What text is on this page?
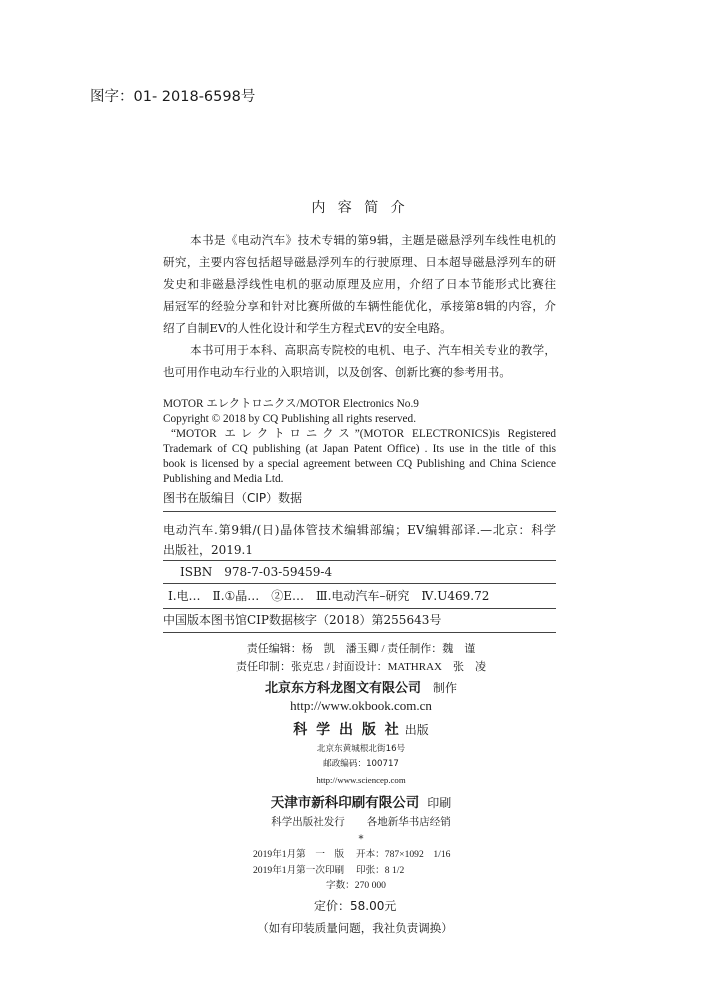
图字：01- 2018-6598号
内 容 简 介
本书是《电动汽车》技术专辑的第9辑，主题是磁悬浮列车线性电机的
研究，主要内容包括超导磁悬浮列车的行驶原理、日本超导磁悬浮列车的研
发史和非磁悬浮线性电机的驱动原理及应用，介绍了日本节能形式比赛往
届冠军的经验分享和针对比赛所做的车辆性能优化，承接第8辑的内容，介
绍了自制EV的人性化设计和学生方程式EV的安全电路。
本书可用于本科、高职高专院校的电机、电子、汽车相关专业的教学，
也可用作电动车行业的入职培训，以及创客、创新比赛的参考用书。
MOTOR エレクトロニクス/MOTOR Electronics No.9
Copyright © 2018 by CQ Publishing all rights reserved.
“MOTOR エレクトロニクス”(MOTOR ELECTRONICS)is Registered
Trademark of CQ publishing (at Japan Patent Office) . Its use in the title of this
book is licensed by a special agreement between CQ Publishing and China Science
Publishing and Media Ltd.
图书在版编目（CIP）数据
电动汽车.第9辑/(日)晶体管技术编辑部编；EV编辑部译.—北京：科学
出版社，2019.1
ISBN　978-7-03-59459-4
Ⅰ.电…　Ⅱ.①晶…　②E…　Ⅲ.电动汽车–研究　Ⅳ.U469.72
中国版本图书馆CIP数据核字（2018）第255643号
责任编辑：杨　凯　潘玉卿 / 责任制作：魏　谨
责任印制：张克忠 / 封面设计：MATHRAX　张　凌
北京东方科龙图文有限公司 制作
http://www.okbook.com.cn
科 学 出 版 社 出版
北京东黄城根北街16号
邮政编码：100717
http://www.sciencep.com
天津市新科印刷有限公司 印刷
科学出版社发行 各地新华书店经销
*
2019年1月第　一　版 开本：787×1092　1/16
2019年1月第一次印刷 印张：8 1/2
字数：270 000
定价：58.00元
（如有印装质量问题，我社负责调换）
